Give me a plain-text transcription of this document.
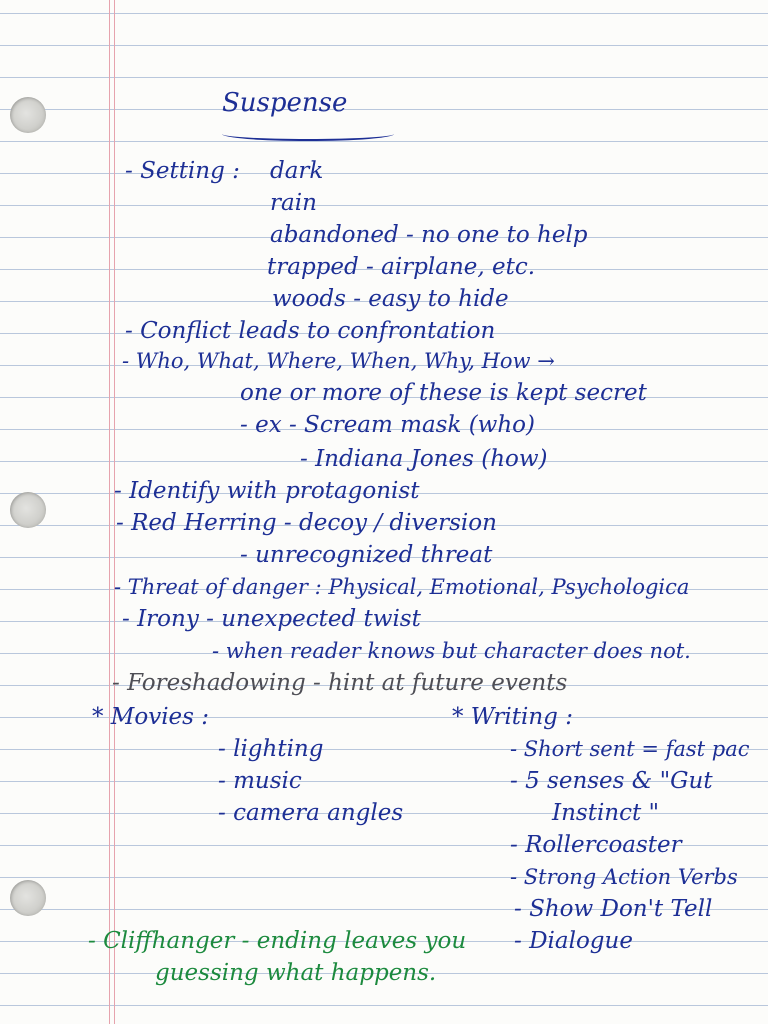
Suspense
- Setting : dark
rain
abandoned - no one to help
trapped - airplane, etc.
woods - easy to hide
- Conflict leads to confrontation
- Who, What, Where, When, Why, How →
one or more of these is kept secret
- ex - Scream mask (who)
- Indiana Jones (how)
- Identify with protagonist
- Red Herring - decoy / diversion
- unrecognized threat
- Threat of danger : Physical, Emotional, Psychologica
- Irony - unexpected twist
- when reader knows but character does not.
- Foreshadowing - hint at future events
* Movies :
- lighting
- music
- camera angles
* Writing :
- Short sent = fast pac
- 5 senses & "Gut
Instinct "
- Rollercoaster
- Strong Action Verbs
- Show Don't Tell
- Dialogue
- Cliffhanger - ending leaves you
guessing what happens.
